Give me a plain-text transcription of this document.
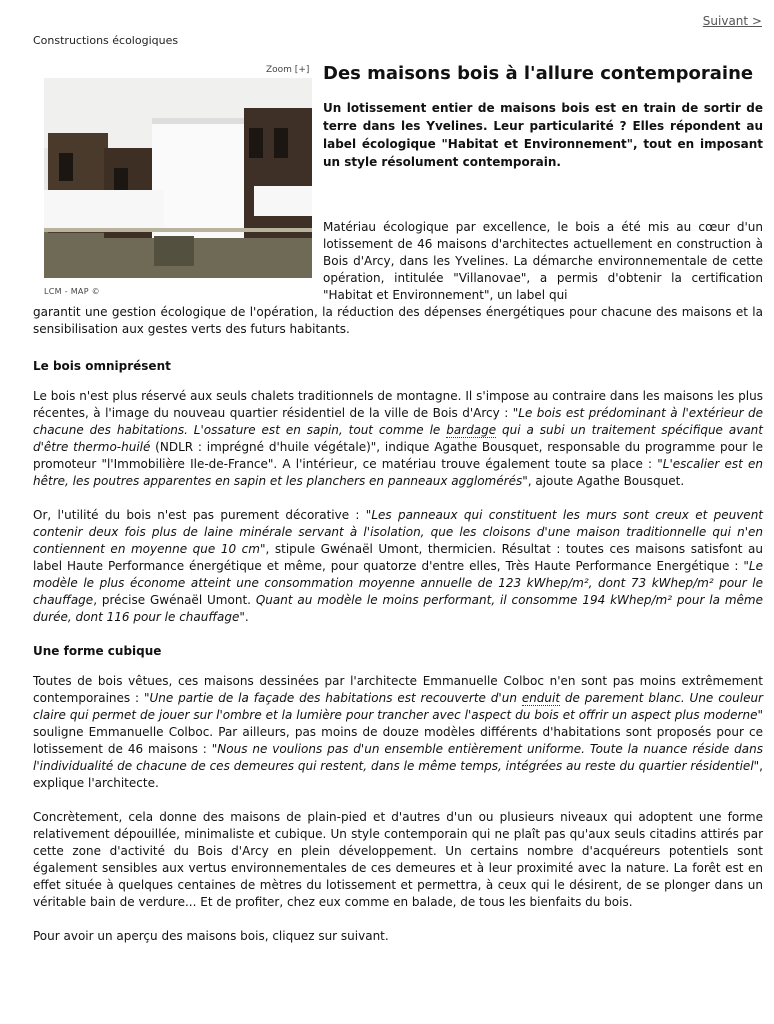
Suivant >
Constructions écologiques
Zoom [+]
LCM - MAP ©
Des maisons bois à l'allure contemporaine
Un lotissement entier de maisons bois est en train de sortir de terre dans les Yvelines. Leur particularité ? Elles répondent au label écologique "Habitat et Environnement", tout en imposant un style résolument contemporain.
Matériau écologique par excellence, le bois a été mis au cœur d'un lotissement de 46 maisons d'architectes actuellement en construction à Bois d'Arcy, dans les Yvelines. La démarche environnementale de cette opération, intitulée "Villanovae", a permis d'obtenir la certification "Habitat et Environnement", un label qui
garantit une gestion écologique de l'opération, la réduction des dépenses énergétiques pour chacune des maisons et la sensibilisation aux gestes verts des futurs habitants.
Le bois omniprésent

Le bois n'est plus réservé aux seuls chalets traditionnels de montagne. Il s'impose au contraire dans les maisons les plus récentes, à l'image du nouveau quartier résidentiel de la ville de Bois d'Arcy : "Le bois est prédominant à l'extérieur de chacune des habitations. L'ossature est en sapin, tout comme le bardage qui a subi un traitement spécifique avant d'être thermo-huilé (NDLR : imprégné d'huile végétale)", indique Agathe Bousquet, responsable du programme pour le promoteur "l'Immobilière Ile-de-France". A l'intérieur, ce matériau trouve également toute sa place : "L'escalier est en hêtre, les poutres apparentes en sapin et les planchers en panneaux agglomérés", ajoute Agathe Bousquet.

Or, l'utilité du bois n'est pas purement décorative : "Les panneaux qui constituent les murs sont creux et peuvent contenir deux fois plus de laine minérale servant à l'isolation, que les cloisons d'une maison traditionnelle qui n'en contiennent en moyenne que 10 cm", stipule Gwénaël Umont, thermicien. Résultat : toutes ces maisons satisfont au label Haute Performance énergétique et même, pour quatorze d'entre elles, Très Haute Performance Energétique : "Le modèle le plus économe atteint une consommation moyenne annuelle de 123 kWhep/m², dont 73 kWhep/m² pour le chauffage, précise Gwénaël Umont. Quant au modèle le moins performant, il consomme 194 kWhep/m² pour la même durée, dont 116 pour le chauffage".

Une forme cubique

Toutes de bois vêtues, ces maisons dessinées par l'architecte Emmanuelle Colboc n'en sont pas moins extrêmement contemporaines : "Une partie de la façade des habitations est recouverte d'un enduit de parement blanc. Une couleur claire qui permet de jouer sur l'ombre et la lumière pour trancher avec l'aspect du bois et offrir un aspect plus moderne" souligne Emmanuelle Colboc. Par ailleurs, pas moins de douze modèles différents d'habitations sont proposés pour ce lotissement de 46 maisons : "Nous ne voulions pas d'un ensemble entièrement uniforme. Toute la nuance réside dans l'individualité de chacune de ces demeures qui restent, dans le même temps, intégrées au reste du quartier résidentiel", explique l'architecte.

Concrètement, cela donne des maisons de plain-pied et d'autres d'un ou plusieurs niveaux qui adoptent une forme relativement dépouillée, minimaliste et cubique. Un style contemporain qui ne plaît pas qu'aux seuls citadins attirés par cette zone d'activité du Bois d'Arcy en plein développement. Un certains nombre d'acquéreurs potentiels sont également sensibles aux vertus environnementales de ces demeures et à leur proximité avec la nature. La forêt est en effet située à quelques centaines de mètres du lotissement et permettra, à ceux qui le désirent, de se plonger dans un véritable bain de verdure... Et de profiter, chez eux comme en balade, de tous les bienfaits du bois.

Pour avoir un aperçu des maisons bois, cliquez sur suivant.
